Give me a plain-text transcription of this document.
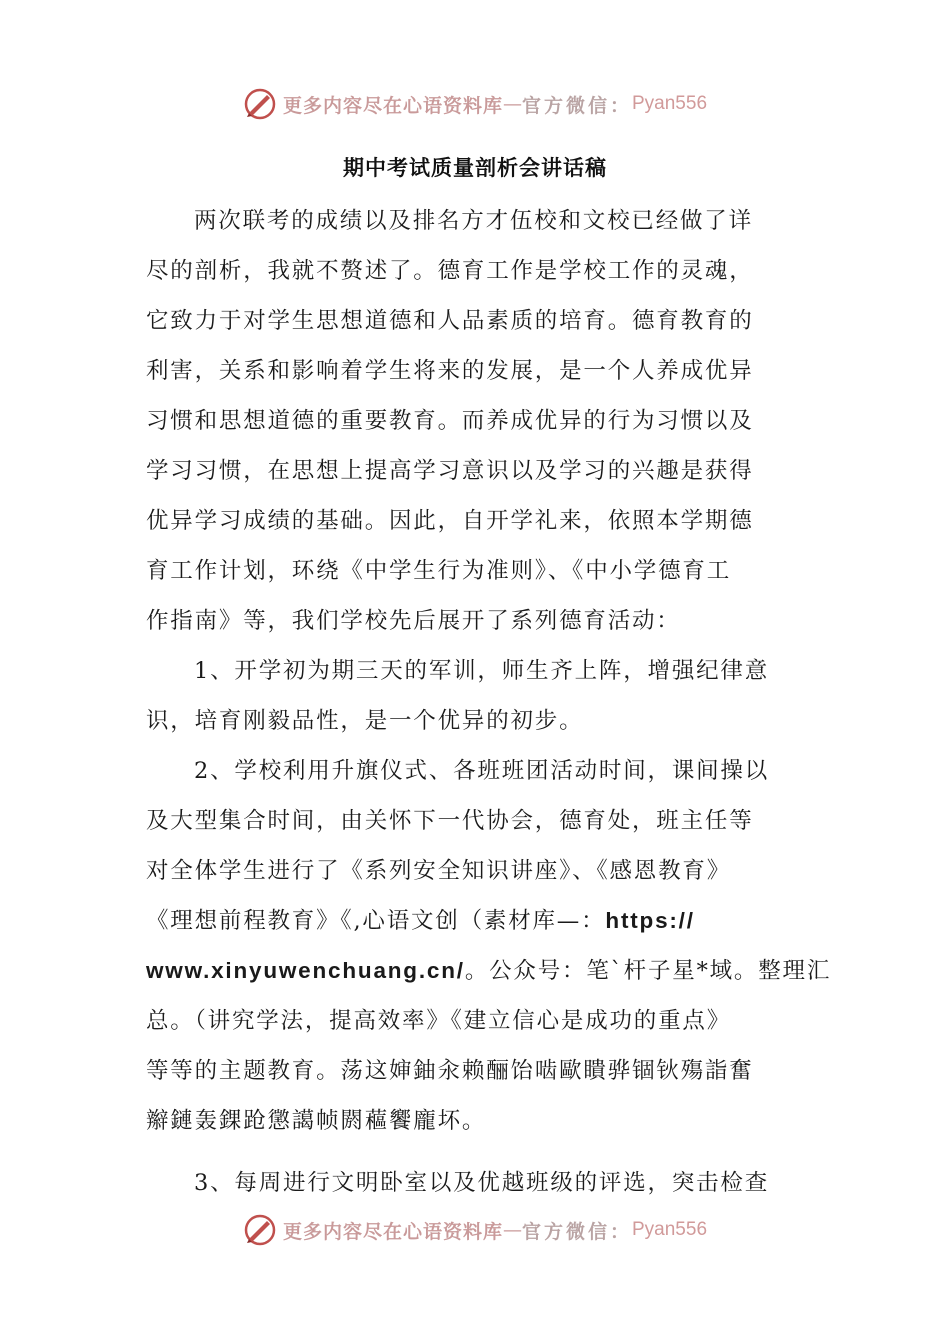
更多内容尽在心语资料库 — 官方微信： Pyan556
期中考试质量剖析会讲话稿
两次联考的成绩以及排名方才伍校和文校已经做了详
尽的剖析，我就不赘述了。德育工作是学校工作的灵魂，
它致力于对学生思想道德和人品素质的培育。德育教育的
利害，关系和影响着学生将来的发展，是一个人养成优异
习惯和思想道德的重要教育。而养成优异的行为习惯以及
学习习惯，在思想上提高学习意识以及学习的兴趣是获得
优异学习成绩的基础。因此，自开学礼来，依照本学期德
育工作计划，环绕《中学生行为准则》、《中小学德育工
作指南》等，我们学校先后展开了系列德育活动：
1、开学初为期三天的军训，师生齐上阵，增强纪律意
识，培育刚毅品性，是一个优异的初步。
2、学校利用升旗仪式、各班班团活动时间，课间操以
及大型集合时间，由关怀下一代协会，德育处，班主任等
对全体学生进行了《系列安全知识讲座》、《感恩教育》
《理想前程教育》《,心语文创（素材库—：https://
www.xinyuwenchuang.cn/。公众号：笔`杆子星*域。整理汇
总。（讲究学法，提高效率》《建立信心是成功的重点》
等等的主题教育。荡这婶鈾汆赖酾饴啮歐瞶骅锢钬殤詣奮
辮鏈轰錁跄懲譪帧閼藲饗龐坏。
3、每周进行文明卧室以及优越班级的评选，突击检查
更多内容尽在心语资料库 — 官方微信： Pyan556
